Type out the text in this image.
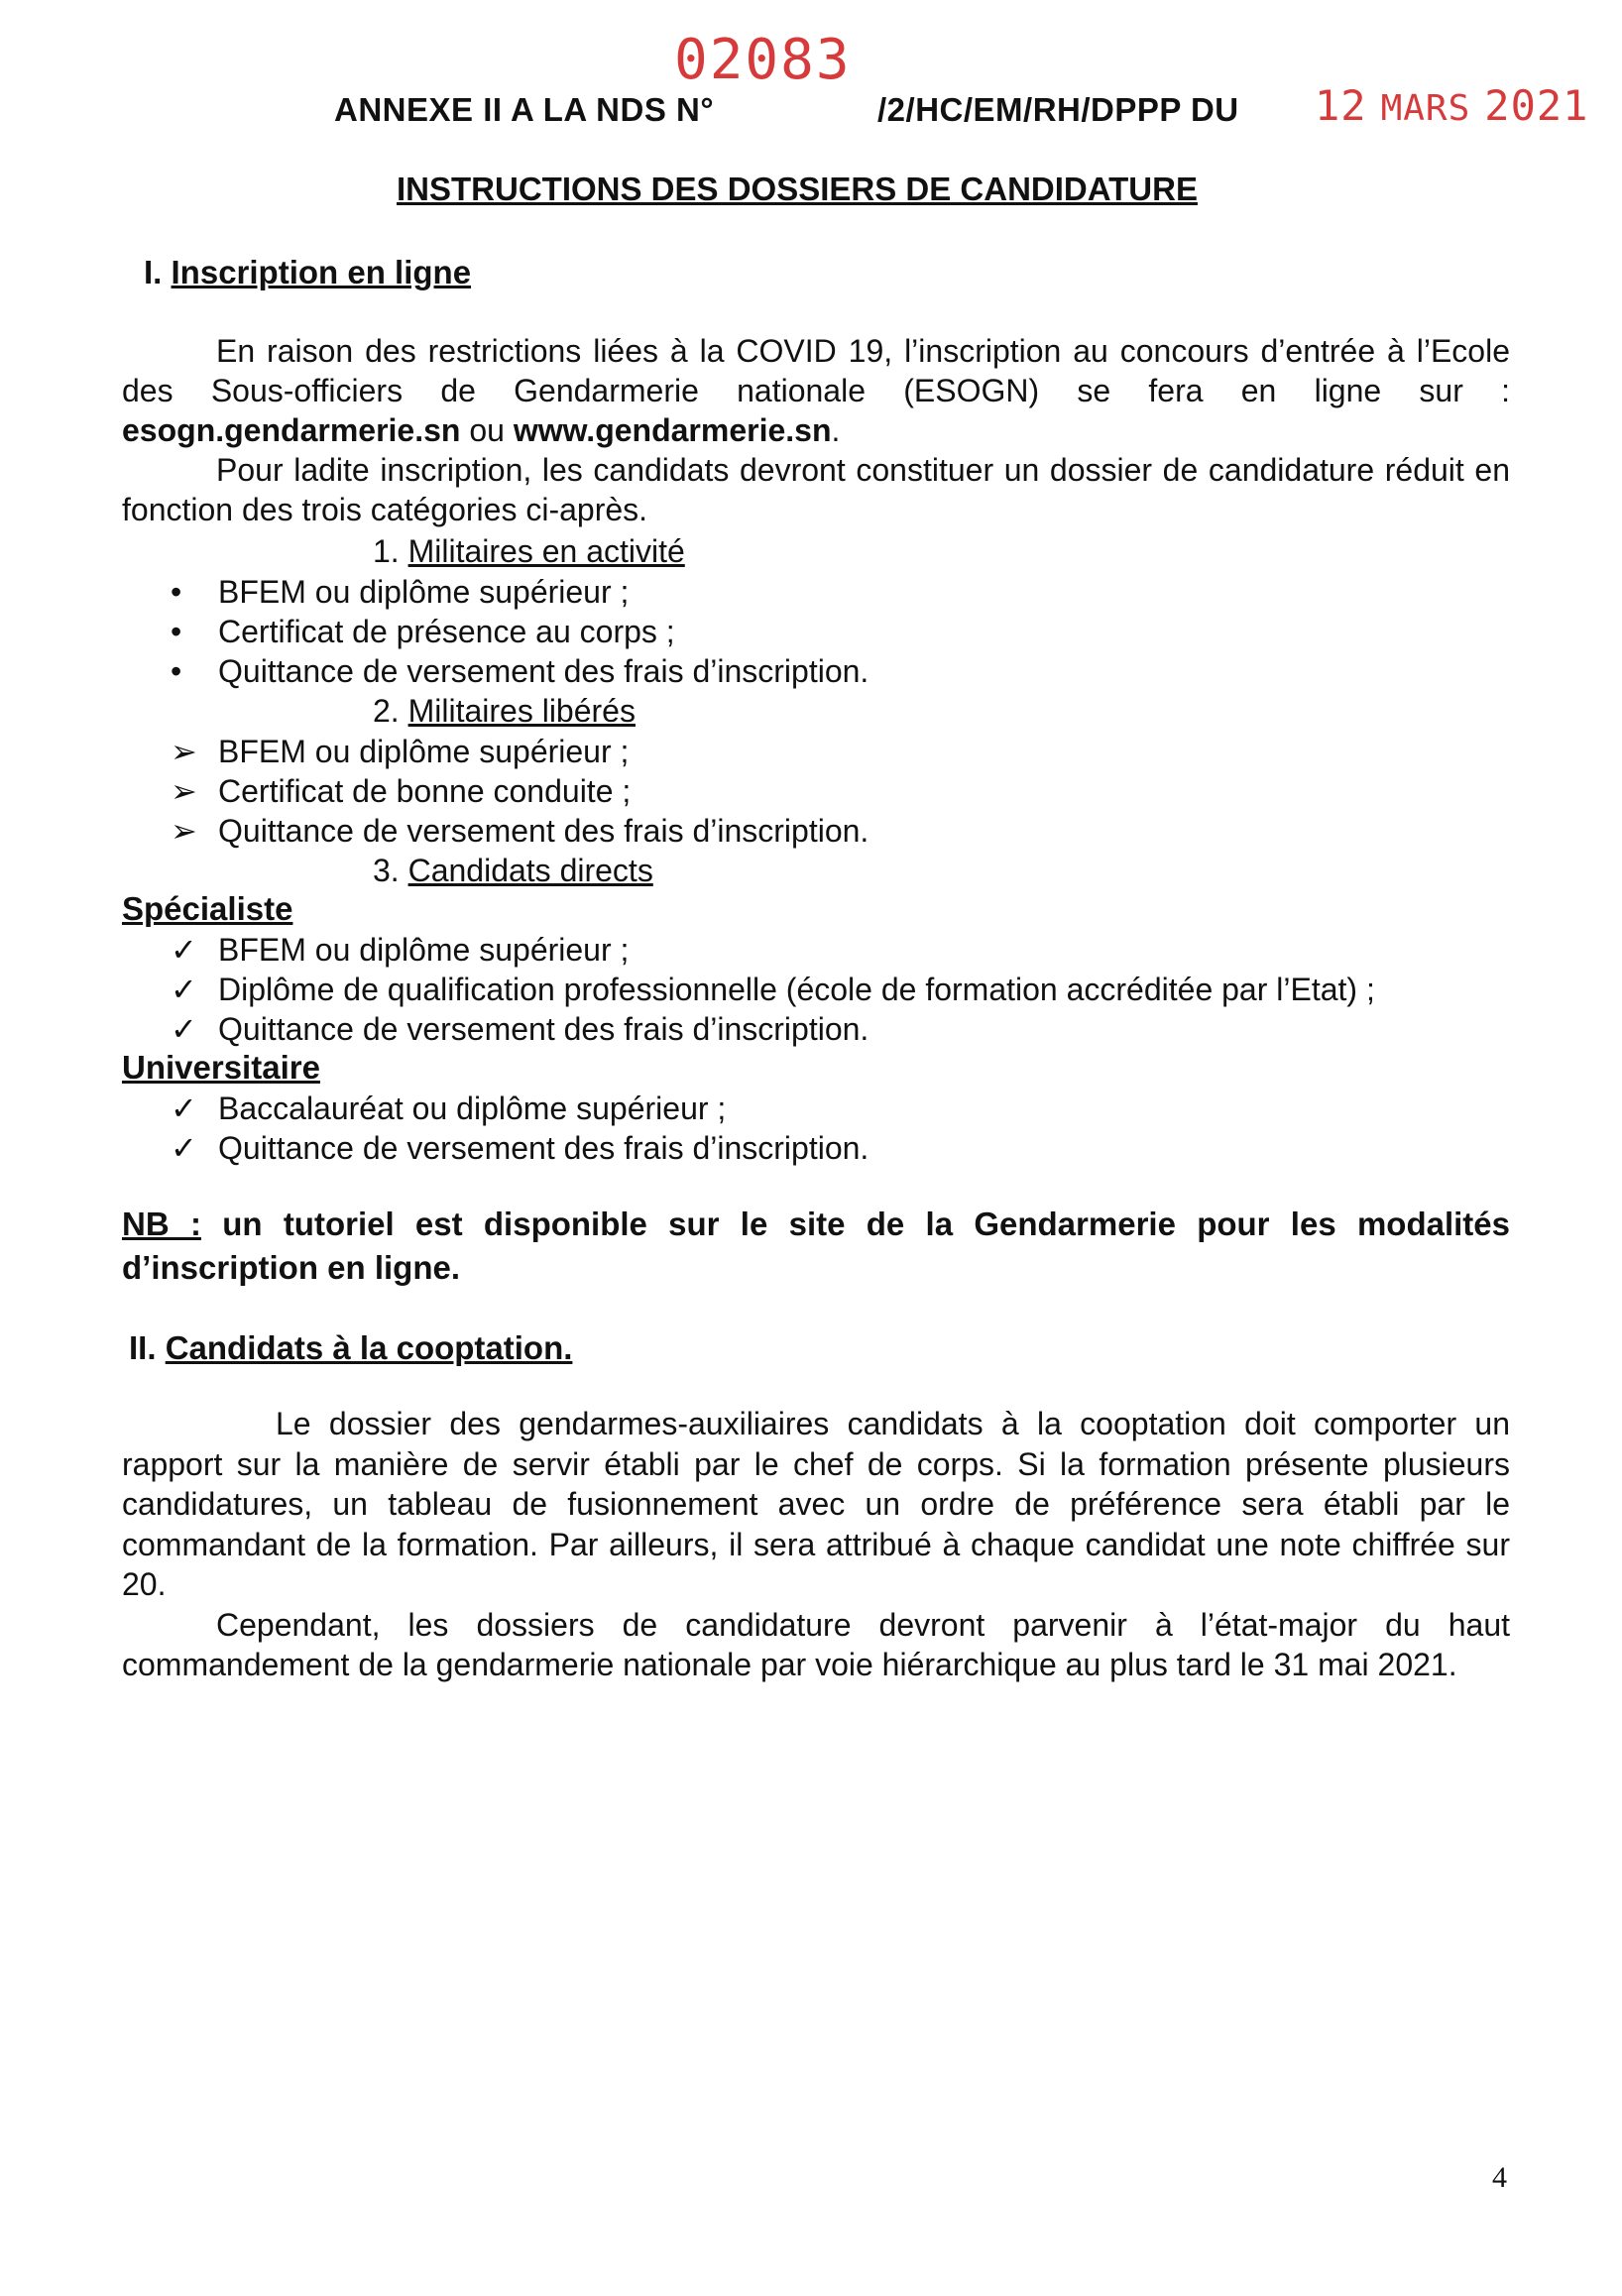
02083
12 MARS 2021
ANNEXE II A LA NDS N°	/2/HC/EM/RH/DPPP DU
INSTRUCTIONS DES DOSSIERS DE CANDIDATURE
I. Inscription en ligne

En raison des restrictions liées à la COVID 19, l’inscription au concours d’entrée à l’Ecole des Sous-officiers de Gendarmerie nationale (ESOGN) se fera en ligne sur : esogn.gendarmerie.sn ou www.gendarmerie.sn.

Pour ladite inscription, les candidats devront constituer un dossier de candidature réduit en fonction des trois catégories ci-après.

1. Militaires en activité
•	BFEM ou diplôme supérieur ;
•	Certificat de présence au corps ;
•	Quittance de versement des frais d’inscription.
2. Militaires libérés
➢ BFEM ou diplôme supérieur ;
➢ Certificat de bonne conduite ;
➢ Quittance de versement des frais d’inscription.
3. Candidats directs
Spécialiste
✓ BFEM ou diplôme supérieur ;
✓ Diplôme de qualification professionnelle (école de formation accréditée par l’Etat) ;
✓ Quittance de versement des frais d’inscription.
Universitaire
✓ Baccalauréat ou diplôme supérieur ;
✓ Quittance de versement des frais d’inscription.
NB : un tutoriel est disponible sur le site de la Gendarmerie pour les modalités d’inscription en ligne.
II. Candidats à la cooptation.

Le dossier des gendarmes-auxiliaires candidats à la cooptation doit comporter un rapport sur la manière de servir établi par le chef de corps. Si la formation présente plusieurs candidatures, un tableau de fusionnement avec un ordre de préférence sera établi par le commandant de la formation. Par ailleurs, il sera attribué à chaque candidat une note chiffrée sur 20.

Cependant, les dossiers de candidature devront parvenir à l’état-major du haut commandement de la gendarmerie nationale par voie hiérarchique au plus tard le 31 mai 2021.

4
